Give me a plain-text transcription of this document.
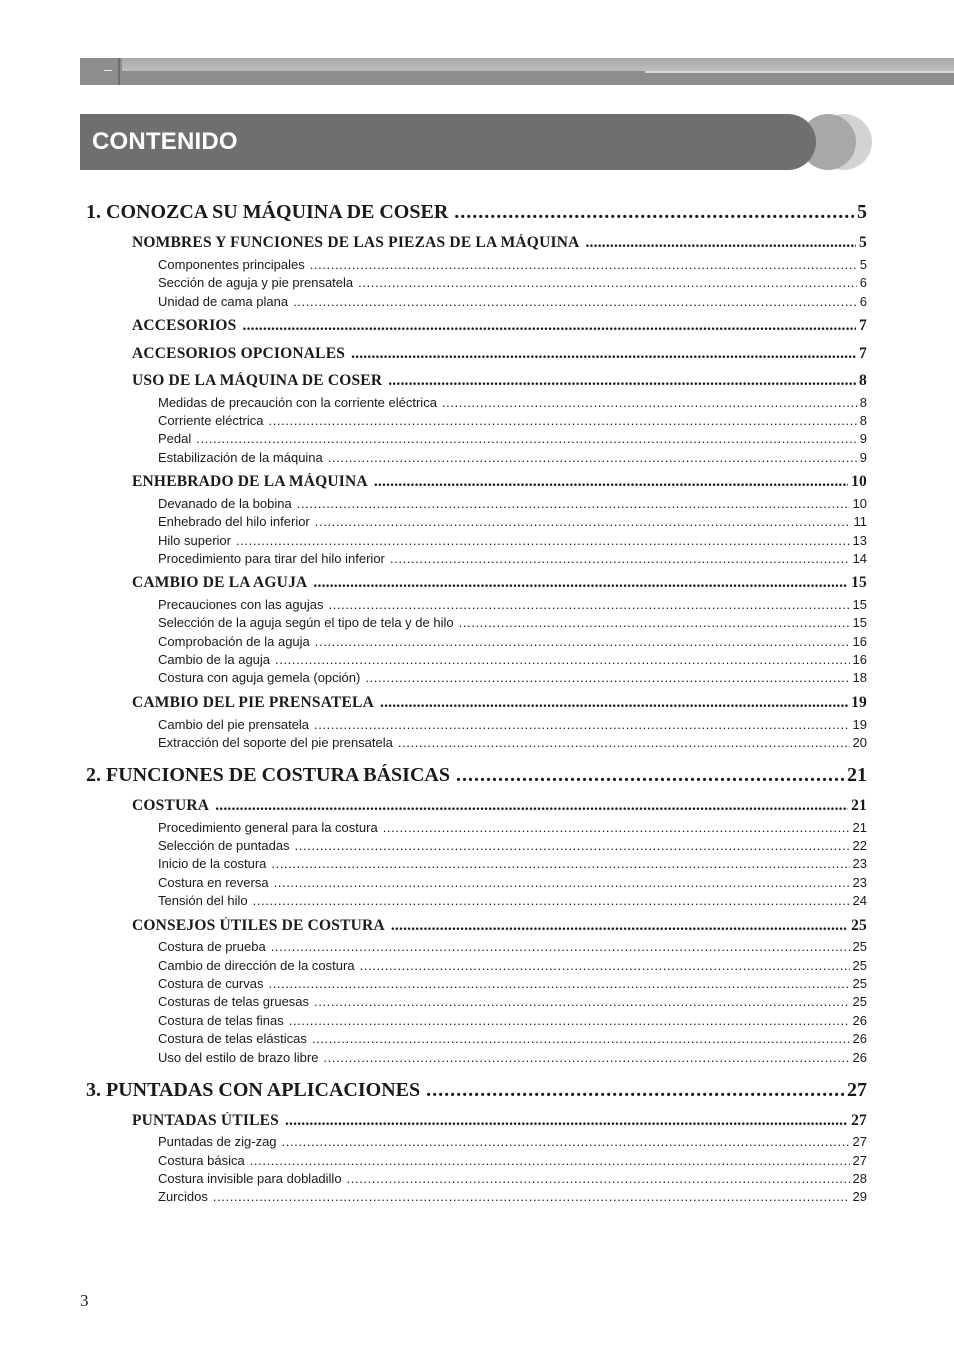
CONTENIDO
1. CONOZCA SU MÁQUINA DE COSER .....	5
NOMBRES Y FUNCIONES DE LAS PIEZAS DE LA MÁQUINA .....	5
Componentes principales .....	5
Sección de aguja y pie prensatela .....	6
Unidad de cama plana .....	6
ACCESORIOS .....	7
ACCESORIOS OPCIONALES .....	7
USO DE LA MÁQUINA DE COSER .....	8
Medidas de precaución con la corriente eléctrica .....	8
Corriente eléctrica .....	8
Pedal .....	9
Estabilización de la máquina .....	9
ENHEBRADO DE LA MÁQUINA .....	10
Devanado de la bobina .....	10
Enhebrado del hilo inferior .....	11
Hilo superior .....	13
Procedimiento para tirar del hilo inferior .....	14
CAMBIO DE LA AGUJA .....	15
Precauciones con las agujas .....	15
Selección de la aguja según el tipo de tela y de hilo .....	15
Comprobación de la aguja .....	16
Cambio de la aguja .....	16
Costura con aguja gemela (opción) .....	18
CAMBIO DEL PIE PRENSATELA .....	19
Cambio del pie prensatela .....	19
Extracción del soporte del pie prensatela .....	20
2. FUNCIONES DE COSTURA BÁSICAS .....	21
COSTURA .....	21
Procedimiento general para la costura .....	21
Selección de puntadas .....	22
Inicio de la costura .....	23
Costura en reversa .....	23
Tensión del hilo .....	24
CONSEJOS ÚTILES DE COSTURA .....	25
Costura de prueba .....	25
Cambio de dirección de la costura .....	25
Costura de curvas .....	25
Costuras de telas gruesas .....	25
Costura de telas finas .....	26
Costura de telas elásticas .....	26
Uso del estilo de brazo libre .....	26
3. PUNTADAS CON APLICACIONES .....	27
PUNTADAS ÚTILES .....	27
Puntadas de zig-zag .....	27
Costura básica .....	27
Costura invisible para dobladillo .....	28
Zurcidos .....	29
3
